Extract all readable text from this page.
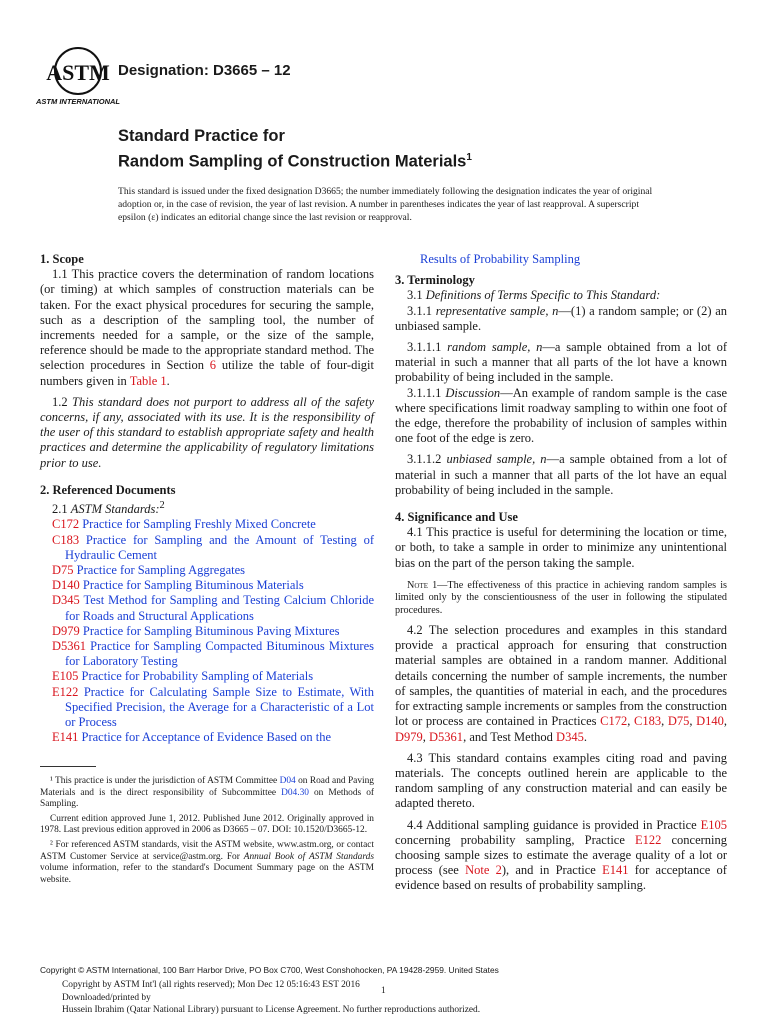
ASTM
ASTM INTERNATIONAL
Designation: D3665 – 12
Standard Practice for
Random Sampling of Construction Materials$^1$
This standard is issued under the fixed designation D3665; the number immediately following the designation indicates the year of original adoption or, in the case of revision, the year of last revision. A number in parentheses indicates the year of last reapproval. A superscript epsilon (ε) indicates an editorial change since the last revision or reapproval.

1. Scope

1.1 This practice covers the determination of random locations (or timing) at which samples of construction materials can be taken. For the exact physical procedures for securing the sample, such as a description of the sampling tool, the number of increments needed for a sample, or the size of the sample, reference should be made to the appropriate standard method. The selection procedures in Section 6 utilize the table of four-digit numbers given in Table 1.

1.2 This standard does not purport to address all of the safety concerns, if any, associated with its use. It is the responsibility of the user of this standard to establish appropriate safety and health practices and determine the applicability of regulatory limitations prior to use.

2. Referenced Documents

2.1 ASTM Standards:$^2$

C172 Practice for Sampling Freshly Mixed Concrete
C183 Practice for Sampling and the Amount of Testing of Hydraulic Cement
D75 Practice for Sampling Aggregates
D140 Practice for Sampling Bituminous Materials
D345 Test Method for Sampling and Testing Calcium Chloride for Roads and Structural Applications
D979 Practice for Sampling Bituminous Paving Mixtures
D5361 Practice for Sampling Compacted Bituminous Mixtures for Laboratory Testing
E105 Practice for Probability Sampling of Materials
E122 Practice for Calculating Sample Size to Estimate, With Specified Precision, the Average for a Characteristic of a Lot or Process
E141 Practice for Acceptance of Evidence Based on the

Results of Probability Sampling

3. Terminology

3.1 Definitions of Terms Specific to This Standard:

3.1.1 representative sample, n—(1) a random sample; or (2) an unbiased sample.

3.1.1.1 random sample, n—a sample obtained from a lot of material in such a manner that all parts of the lot have a known probability of being included in the sample.

3.1.1.1 Discussion—An example of random sample is the case where specifications limit roadway sampling to within one foot of the edge, therefore the probability of inclusion of samples within one foot of the edge is zero.

3.1.1.2 unbiased sample, n—a sample obtained from a lot of material in such a manner that all parts of the lot have an equal probability of being included in the sample.

4. Significance and Use

4.1 This practice is useful for determining the location or time, or both, to take a sample in order to minimize any unintentional bias on the part of the person taking the sample.

Note 1—The effectiveness of this practice in achieving random samples is limited only by the conscientiousness of the user in following the stipulated procedures.

4.2 The selection procedures and examples in this standard provide a practical approach for ensuring that construction material samples are obtained in a random manner. Additional details concerning the number of sample increments, the number of samples, the quantities of material in each, and the procedures for extracting sample increments or samples from the construction lot or process are contained in Practices C172, C183, D75, D140, D979, D5361, and Test Method D345.

4.3 This standard contains examples citing road and paving materials. The concepts outlined herein are applicable to the random sampling of any construction material and can easily be adapted thereto.

4.4 Additional sampling guidance is provided in Practice E105 concerning probability sampling, Practice E122 concerning choosing sample sizes to estimate the average quality of a lot or process (see Note 2), and in Practice E141 for acceptance of evidence based on results of probability sampling.

¹ This practice is under the jurisdiction of ASTM Committee D04 on Road and Paving Materials and is the direct responsibility of Subcommittee D04.30 on Methods of Sampling.

Current edition approved June 1, 2012. Published June 2012. Originally approved in 1978. Last previous edition approved in 2006 as D3665 – 07. DOI: 10.1520/D3665-12.

² For referenced ASTM standards, visit the ASTM website, www.astm.org, or contact ASTM Customer Service at service@astm.org. For Annual Book of ASTM Standards volume information, refer to the standard's Document Summary page on the ASTM website.

Copyright © ASTM International, 100 Barr Harbor Drive, PO Box C700, West Conshohocken, PA 19428-2959. United States
Copyright by ASTM Int'l (all rights reserved); Mon Dec 12 05:16:43 EST 2016
Downloaded/printed by
Hussein Ibrahim (Qatar National Library) pursuant to License Agreement. No further reproductions authorized.
1
